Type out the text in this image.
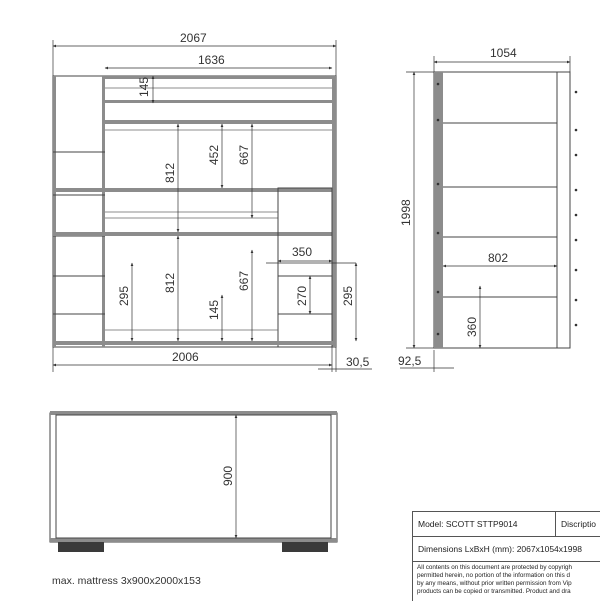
2067
1636
145
812
452 667
812	667
145
295
350
270	295
2006	30,5
1054
1998
802
360
92,5
900
max. mattress 3x900x2000x153
Model: SCOTT STTP9014	Discriptio
Dimensions LxBxH (mm): 2067x1054x1998
All contents on this document are protected by copyrigh
permitted herein, no portion of the information on this d
by any means, without prior written permission from Vip
products can be copied or transmitted. Product and dra
